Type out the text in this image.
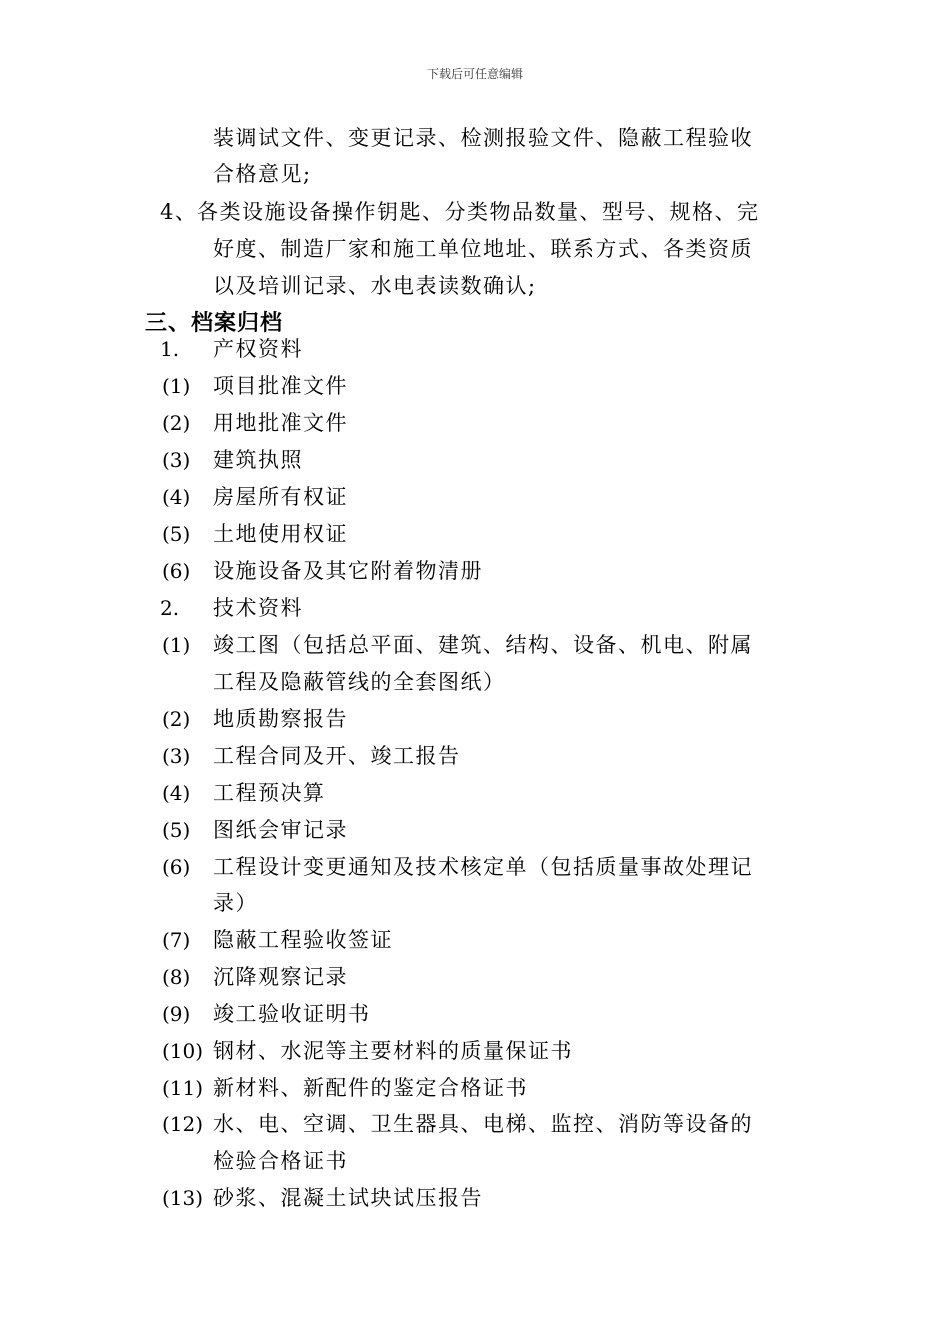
下载后可任意编辑
装调试文件、变更记录、检测报验文件、隐蔽工程验收
合格意见;
4、 各类设施设备操作钥匙、分类物品数量、型号、规格、完
好度、制造厂家和施工单位地址、联系方式、各类资质
以及培训记录、水电表读数确认;
三、档案归档
1. 产权资料
(1) 项目批准文件
(2) 用地批准文件
(3) 建筑执照
(4) 房屋所有权证
(5) 土地使用权证
(6) 设施设备及其它附着物清册
2. 技术资料
(1) 竣工图（包括总平面、建筑、结构、设备、机电、附属
工程及隐蔽管线的全套图纸）
(2) 地质勘察报告
(3) 工程合同及开、竣工报告
(4) 工程预决算
(5) 图纸会审记录
(6) 工程设计变更通知及技术核定单（包括质量事故处理记
录）
(7) 隐蔽工程验收签证
(8) 沉降观察记录
(9) 竣工验收证明书
(10) 钢材、水泥等主要材料的质量保证书
(11) 新材料、新配件的鉴定合格证书
(12) 水、电、空调、卫生器具、电梯、监控、消防等设备的
检验合格证书
(13) 砂浆、混凝土试块试压报告
